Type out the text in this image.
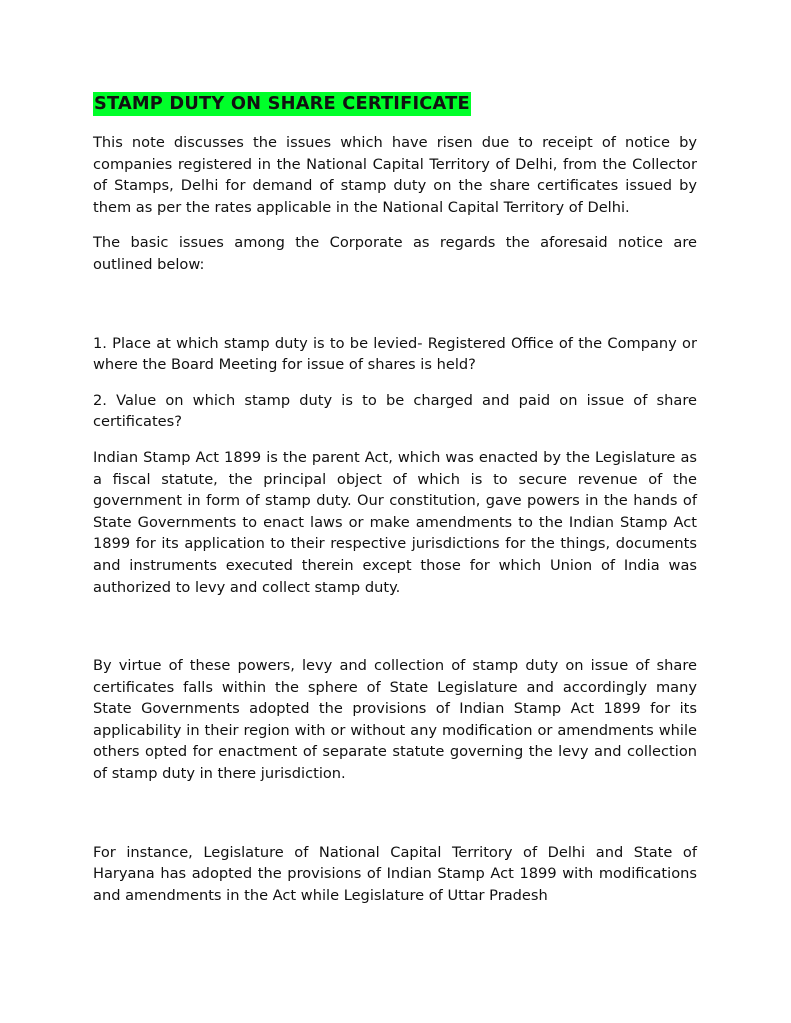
STAMP DUTY ON SHARE CERTIFICATE

This note discusses the issues which have risen due to receipt of notice by companies registered in the National Capital Territory of Delhi, from the Collector of Stamps, Delhi for demand of stamp duty on the share certificates issued by them as per the rates applicable in the National Capital Territory of Delhi.

The basic issues among the Corporate as regards the aforesaid notice are outlined below:

1. Place at which stamp duty is to be levied- Registered Office of the Company or where the Board Meeting for issue of shares is held?

2. Value on which stamp duty is to be charged and paid on issue of share certificates?

Indian Stamp Act 1899 is the parent Act, which was enacted by the Legislature as a fiscal statute, the principal object of which is to secure revenue of the government in form of stamp duty. Our constitution, gave powers in the hands of State Governments to enact laws or make amendments to the Indian Stamp Act 1899 for its application to their respective jurisdictions for the things, documents and instruments executed therein except those for which Union of India was authorized to levy and collect stamp duty.

By virtue of these powers, levy and collection of stamp duty on issue of share certificates falls within the sphere of State Legislature and accordingly many State Governments adopted the provisions of Indian Stamp Act 1899 for its applicability in their region with or without any modification or amendments while others opted for enactment of separate statute governing the levy and collection of stamp duty in there jurisdiction.

For instance, Legislature of National Capital Territory of Delhi and State of Haryana has adopted the provisions of Indian Stamp Act 1899 with modifications and amendments in the Act while Legislature of Uttar Pradesh
